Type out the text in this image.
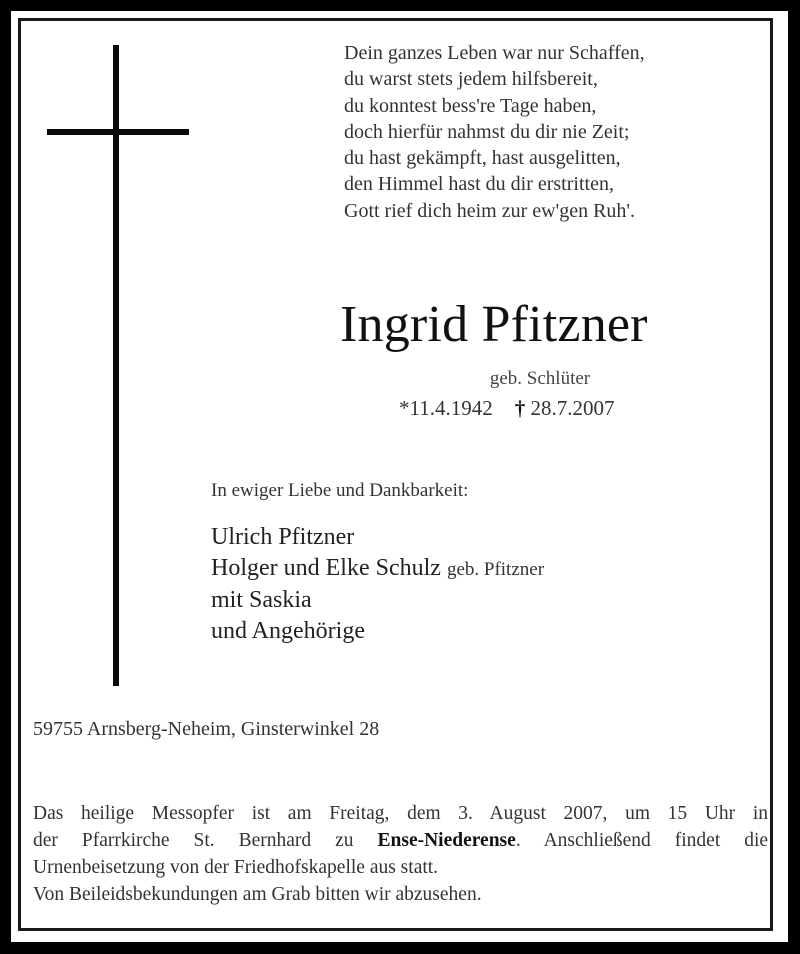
Dein ganzes Leben war nur Schaffen,
du warst stets jedem hilfsbereit,
du konntest bess're Tage haben,
doch hierfür nahmst du dir nie Zeit;
du hast gekämpft, hast ausgelitten,
den Himmel hast du dir erstritten,
Gott rief dich heim zur ew'gen Ruh'.
Ingrid Pfitzner
geb. Schlüter
*11.4.1942 † 28.7.2007
In ewiger Liebe und Dankbarkeit:
Ulrich Pfitzner
Holger und Elke Schulz geb. Pfitzner
mit Saskia
und Angehörige
59755 Arnsberg-Neheim, Ginsterwinkel 28
Das heilige Messopfer ist am Freitag, dem 3. August 2007, um 15 Uhr in
der Pfarrkirche St. Bernhard zu Ense-Niederense. Anschließend findet die
Urnenbeisetzung von der Friedhofskapelle aus statt.
Von Beileidsbekundungen am Grab bitten wir abzusehen.
